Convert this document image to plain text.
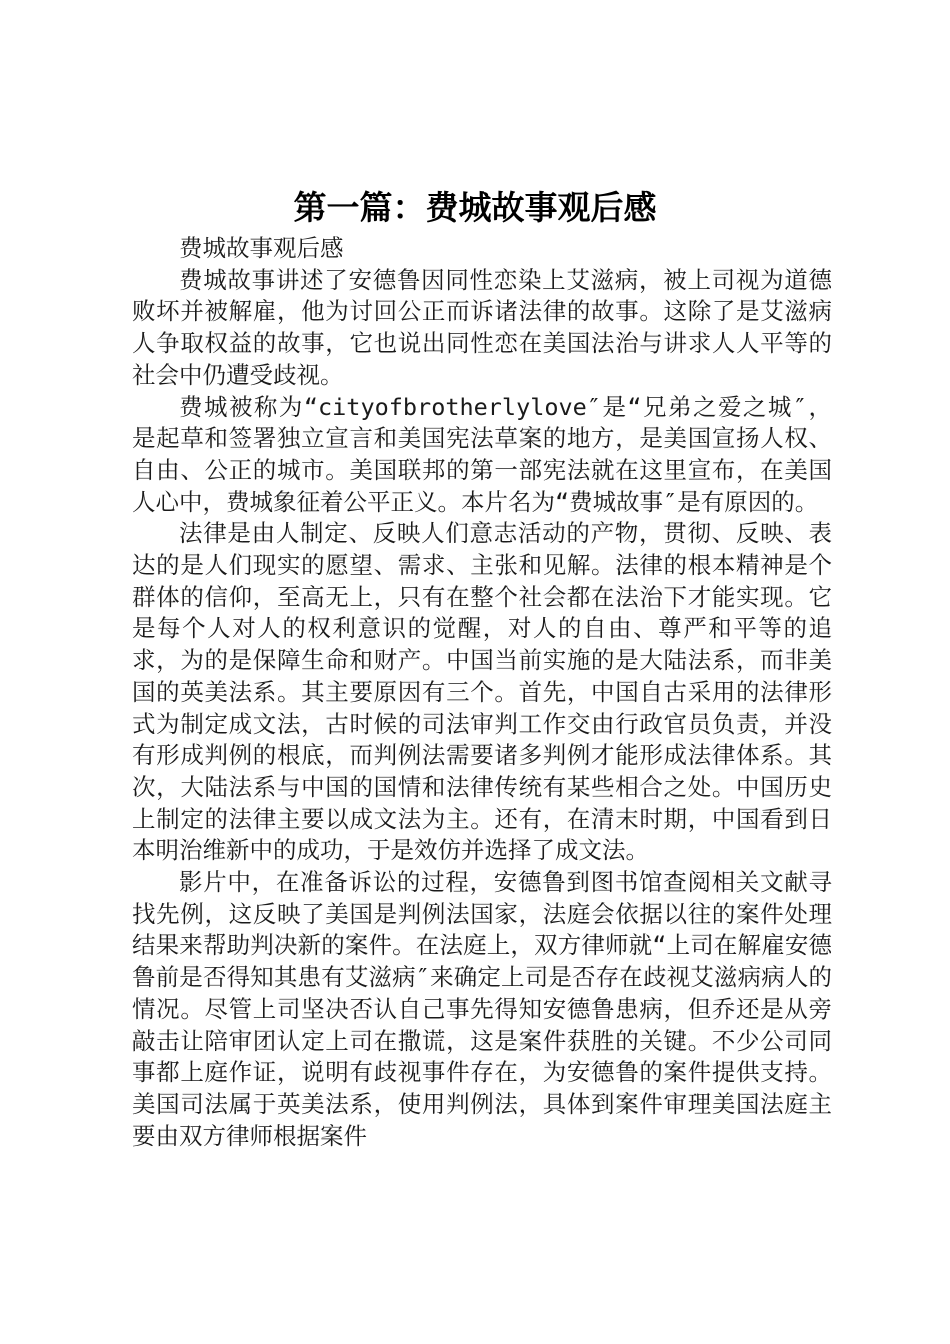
第一篇：费城故事观后感

费城故事观后感

费城故事讲述了安德鲁因同性恋染上艾滋病，被上司视为道德败坏并被解雇，他为讨回公正而诉诸法律的故事。这除了是艾滋病人争取权益的故事，它也说出同性恋在美国法治与讲求人人平等的社会中仍遭受歧视。

费城被称为“cityofbrotherlylove″是“兄弟之爱之城″，是起草和签署独立宣言和美国宪法草案的地方，是美国宣扬人权、自由、公正的城市。美国联邦的第一部宪法就在这里宣布，在美国人心中，费城象征着公平正义。本片名为“费城故事″是有原因的。

法律是由人制定、反映人们意志活动的产物，贯彻、反映、表达的是人们现实的愿望、需求、主张和见解。法律的根本精神是个群体的信仰，至高无上，只有在整个社会都在法治下才能实现。它是每个人对人的权利意识的觉醒，对人的自由、尊严和平等的追求，为的是保障生命和财产。中国当前实施的是大陆法系，而非美国的英美法系。其主要原因有三个。首先，中国自古采用的法律形式为制定成文法，古时候的司法审判工作交由行政官员负责，并没有形成判例的根底，而判例法需要诸多判例才能形成法律体系。其次，大陆法系与中国的国情和法律传统有某些相合之处。中国历史上制定的法律主要以成文法为主。还有，在清末时期，中国看到日本明治维新中的成功，于是效仿并选择了成文法。

影片中，在准备诉讼的过程，安德鲁到图书馆查阅相关文献寻找先例，这反映了美国是判例法国家，法庭会依据以往的案件处理结果来帮助判决新的案件。在法庭上，双方律师就“上司在解雇安德鲁前是否得知其患有艾滋病″来确定上司是否存在歧视艾滋病病人的情况。尽管上司坚决否认自己事先得知安德鲁患病，但乔还是从旁敲击让陪审团认定上司在撒谎，这是案件获胜的关键。不少公司同事都上庭作证，说明有歧视事件存在，为安德鲁的案件提供支持。美国司法属于英美法系，使用判例法，具体到案件审理美国法庭主要由双方律师根据案件
